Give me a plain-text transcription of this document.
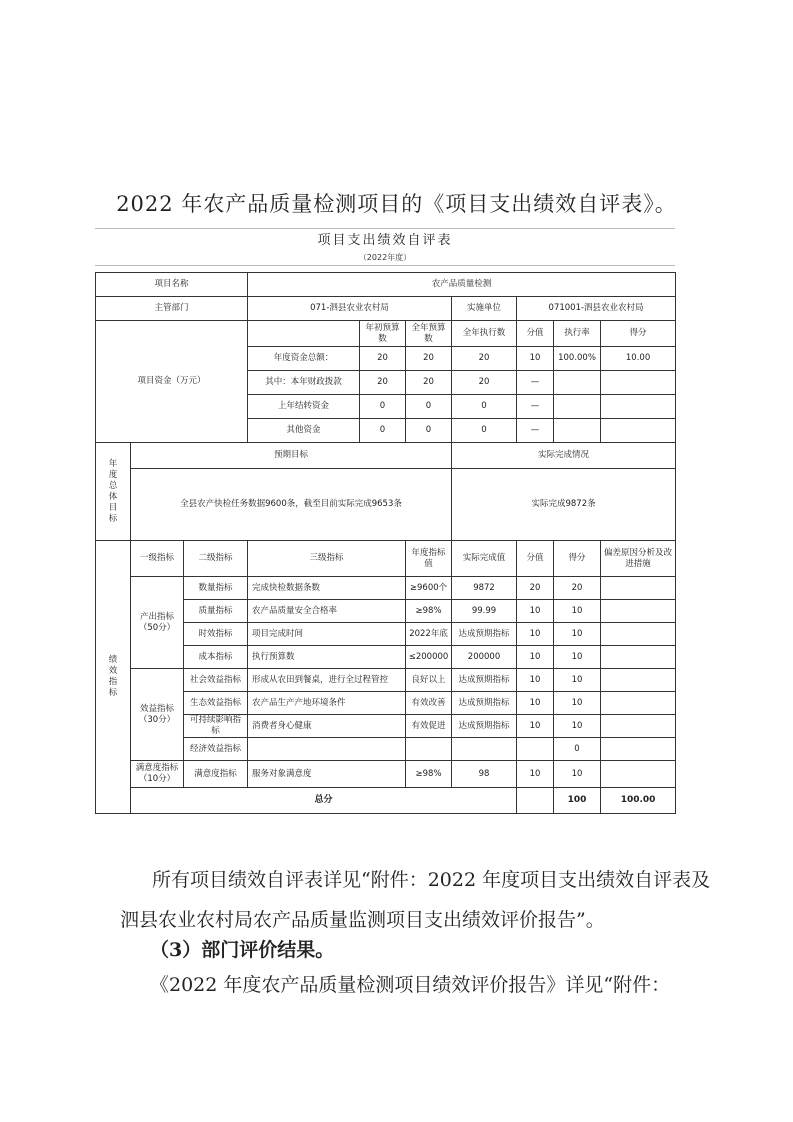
2022 年农产品质量检测项目的《项目支出绩效自评表》。
项目支出绩效自评表
（2022年度）
项目名称			农产品质量检测							
主管部门			071-泗县农业农村局			实施单位	071001-泗县农业农村局			
项目资金（万元）				年初预算数	全年预算数	全年执行数	分值	执行率	得分	
			年度资金总额：	20	20	20	10	100.00%	10.00	
			其中：本年财政拨款	20	20	20	—			
			上年结转资金	0	0	0	—			
			其他资金	0	0	0	—			

年度总体目标	预期目标					实际完成情况				
	全县农产快检任务数据9600条，截至目前实际完成9653条					实际完成9872条				

绩效指标	一级指标	二级指标	三级指标		年度指标值	实际完成值	分值	得分	偏差原因分析及改进措施	
	产出指标（50分）	数量指标	完成快检数据条数		≥9600个	9872	20	20		
		质量指标	农产品质量安全合格率		≥98%	99.99	10	10		
		时效指标	项目完成时间		2022年底	达成预期指标	10	10		
		成本指标	执行预算数		≤200000	200000	10	10		
	效益指标（30分）	社会效益指标	形成从农田到餐桌，进行全过程管控		良好以上	达成预期指标	10	10		
		生态效益指标	农产品生产产地环境条件		有效改善	达成预期指标	10	10		
		可持续影响指标	消费者身心健康		有效促进	达成预期指标	10	10		
		经济效益指标						0		
	满意度指标（10分）	满意度指标	服务对象满意度		≥98%	98	10	10		
	总分							100	100.00	
所有项目绩效自评表详见“附件：2022 年度项目支出绩效自评表及泗县农业农村局农产品质量监测项目支出绩效评价报告”。
（3）部门评价结果。
《2022 年度农产品质量检测项目绩效评价报告》详见“附件：
